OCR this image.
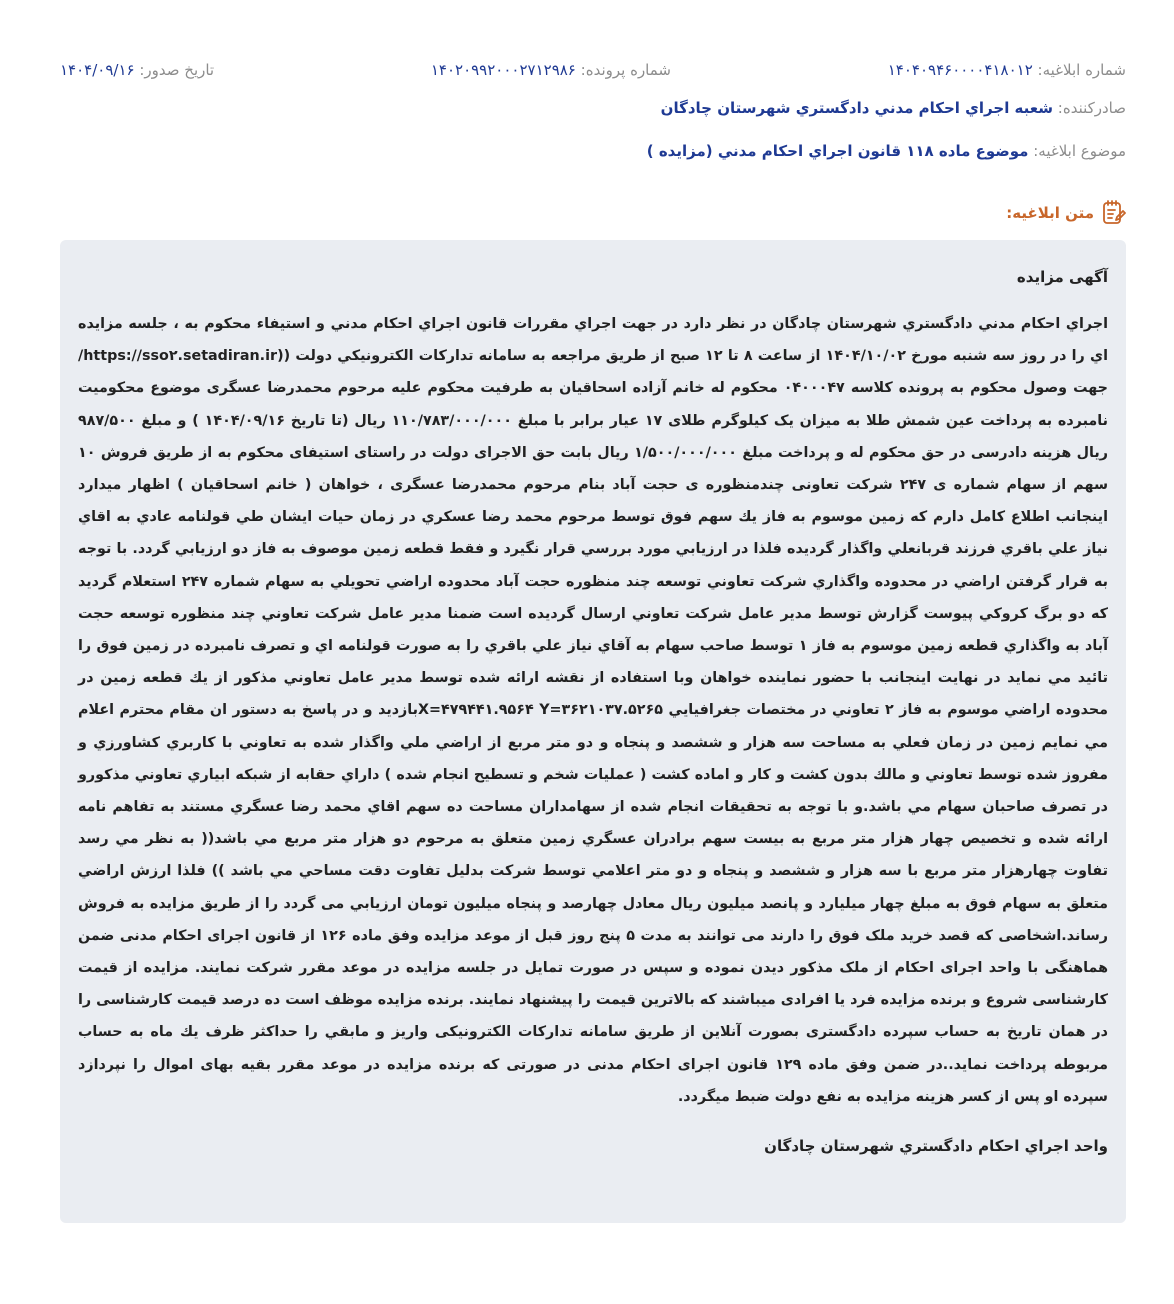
شماره ابلاغيه: ۱۴۰۴۰۹۴۶۰۰۰۰۴۱۸۰۱۲
شماره پرونده: ۱۴۰۲۰۹۹۲۰۰۰۲۷۱۲۹۸۶
تاريخ صدور: ۱۴۰۴/۰۹/۱۶
صادرکننده: شعبه اجراي احکام مدني دادگستري شهرستان چادگان
موضوع ابلاغيه: موضوع ماده ۱۱۸ قانون اجراي احکام مدني (مزايده )
متن ابلاغيه:
آگهی مزایده

اجراي احكام مدني دادگستري شهرستان چادگان در نظر دارد در جهت اجراي مقررات قانون اجراي احكام مدني و استيفاء محكوم به ، جلسه مزايده اي را در روز سه شنبه مورخ ۱۴۰۴/۱۰/۰۲ از ساعت ۸ تا ۱۲ صبح از طريق مراجعه به سامانه تداركات الكترونيكي دولت ((https://sso۲.setadiran.ir/جهت وصول محكوم به پرونده كلاسه ۰۴۰۰۰۴۷ محكوم له خانم آزاده اسحاقيان به طرفيت محكوم عليه مرحوم محمدرضا عسگری موضوع محکومیت نامبرده به پرداخت عین شمش طلا به میزان یک کیلوگرم طلای ۱۷ عیار برابر با مبلغ ۱۱۰/۷۸۳/۰۰۰/۰۰۰ ریال (تا تاریخ ۱۴۰۴/۰۹/۱۶ ) و مبلغ ۹۸۷/۵۰۰ ریال هزینه دادرسی در حق محکوم له و پرداخت مبلغ ۱/۵۰۰/۰۰۰/۰۰۰ ریال بابت حق الاجرای دولت در راستای استیفای محکوم به از طریق فروش ۱۰ سهم از سهام شماره ی ۲۴۷ شرکت تعاونی چندمنظوره ی حجت آباد بنام مرحوم محمدرضا عسگری ، خواهان ( خانم اسحاقیان ) اظهار ميدارد اينجانب اطلاع كامل دارم كه زمين موسوم به فاز يك سهم فوق توسط مرحوم محمد رضا عسكري در زمان حيات ايشان طي قولنامه عادي به اقاي نياز علي باقري فرزند قربانعلي واگذار گرديده فلذا در ارزيابي مورد بررسي قرار نگيرد و فقط قطعه زمين موصوف به فاز دو ارزيابي گردد. با توجه به قرار گرفتن اراضي در محدوده واگذاري شركت تعاوني توسعه چند منظوره حجت آباد محدوده اراضي تحويلي به سهام شماره ۲۴۷ استعلام گرديد كه دو برگ كروكي پيوست گزارش توسط مدير عامل شركت تعاوني ارسال گرديده است ضمنا مدير عامل شركت تعاوني چند منظوره توسعه حجت آباد به واگذاري قطعه زمين موسوم به فاز ۱ توسط صاحب سهام به آقاي نياز علي باقري را به صورت قولنامه اي و تصرف نامبرده در زمين فوق را تائيد مي نمايد در نهايت اينجانب با حضور نماينده خواهان وبا استفاده از نقشه ارائه شده توسط مدير عامل تعاوني مذكور از يك قطعه زمين در محدوده اراضي موسوم به فاز ۲ تعاوني در مختصات جغرافيايي X=۴۷۹۴۴۱.۹۵۶۴ Y=۳۶۲۱۰۳۷.۵۲۶۵بازديد و در پاسخ به دستور ان مقام محترم اعلام مي نمايم زمين در زمان فعلي به مساحت سه هزار و ششصد و پنجاه و دو متر مربع از اراضي ملي واگذار شده به تعاوني با كاربري كشاورزي و مفروز شده توسط تعاوني و مالك بدون كشت و كار و اماده كشت ( عمليات شخم و تسطيح انجام شده ) داراي حقابه از شبكه ابياري تعاوني مذكورو در تصرف صاحبان سهام مي باشد.و با توجه به تحقيقات انجام شده از سهامداران مساحت ده سهم اقاي محمد رضا عسگري مستند به تفاهم نامه ارائه شده و تخصيص چهار هزار متر مربع به بيست سهم برادران عسگري زمين متعلق به مرحوم دو هزار متر مربع مي باشد(( به نظر مي رسد تفاوت چهارهزار متر مربع با سه هزار و ششصد و پنجاه و دو متر اعلامي توسط شركت بدليل تفاوت دقت مساحي مي باشد )) فلذا ارزش اراضي متعلق به سهام فوق به مبلغ چهار ميليارد و پانصد ميليون ريال معادل چهارصد و پنجاه ميليون تومان ارزيابي می گردد را از طريق مزايده به فروش رساند.اشخاصی که قصد خريد ملک فوق را دارند می توانند به مدت ۵ پنج روز قبل از موعد مزايده وفق ماده ۱۲۶ از قانون اجرای احکام مدنی ضمن هماهنگی با واحد اجرای احکام از ملک مذکور ديدن نموده و سپس در صورت تمايل در جلسه مزايده در موعد مقرر شرکت نمايند. مزايده از قيمت کارشناسی شروع و برنده مزايده فرد يا افرادی ميباشند که بالاترين قيمت را پيشنهاد نمايند. برنده مزايده موظف است ده درصد قيمت کارشناسی را در همان تاريخ به حساب سپرده دادگستری بصورت آنلاين از طريق سامانه تدارکات الکترونيکی واريز و مابقي را حداكثر ظرف يك ماه به حساب مربوطه پرداخت نمايد..در ضمن وفق ماده ۱۲۹ قانون اجرای احکام مدنی در صورتی که برنده مزايده در موعد مقرر بقيه بهای اموال را نپردازد سپرده او پس از کسر هزينه مزايده به نفع دولت ضبط ميگردد.

واحد اجراي احكام دادگستري شهرستان چادگان
